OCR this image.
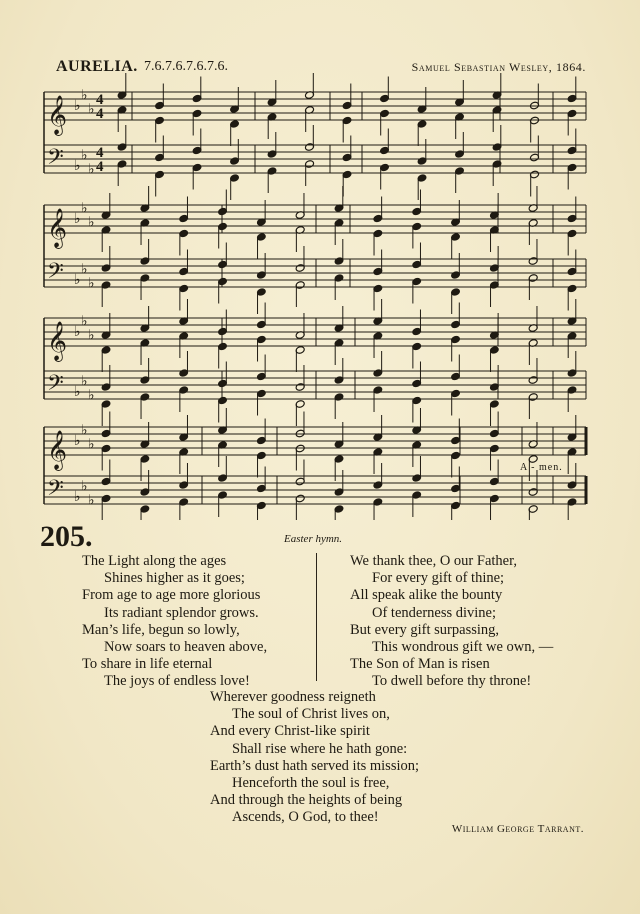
AURELIA. 7.6.7.6.7.6.7.6.	Samuel Sebastian Wesley, 1864.
𝄞
𝄢
♭
♭
♭
♭
♭
♭
4
4
4
4
𝄞
𝄢
♭
♭
♭
♭
♭
♭
𝄞
𝄢
♭
♭
♭
♭
♭
♭
𝄞
𝄢
♭
♭
♭
♭
♭
♭
A - men.
205.	Easter hymn.
The Light along the ages
Shines higher as it goes;
From age to age more glorious
Its radiant splendor grows.
Man’s life, begun so lowly,
Now soars to heaven above,
To share in life eternal
The joys of endless love!
We thank thee, O our Father,
For every gift of thine;
All speak alike the bounty
Of tenderness divine;
But every gift surpassing,
This wondrous gift we own, —
The Son of Man is risen
To dwell before thy throne!
Wherever goodness reigneth
The soul of Christ lives on,
And every Christ-like spirit
Shall rise where he hath gone:
Earth’s dust hath served its mission;
Henceforth the soul is free,
And through the heights of being
Ascends, O God, to thee!
William George Tarrant.
